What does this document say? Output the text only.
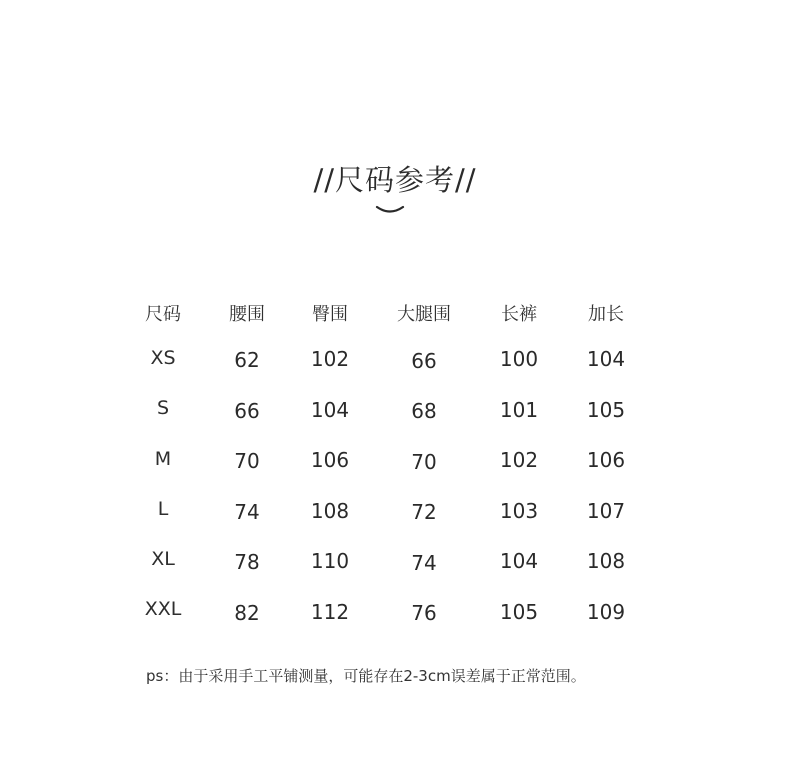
//尺码参考//
尺码	腰围	臀围	大腿围	长裤	加长
XS	62	102	66	100	104
S	66	104	68	101	105
M	70	106	70	102	106
L	74	108	72	103	107
XL	78	110	74	104	108
XXL	82	112	76	105	109
ps：由于采用手工平铺测量，可能存在2-3cm误差属于正常范围。
